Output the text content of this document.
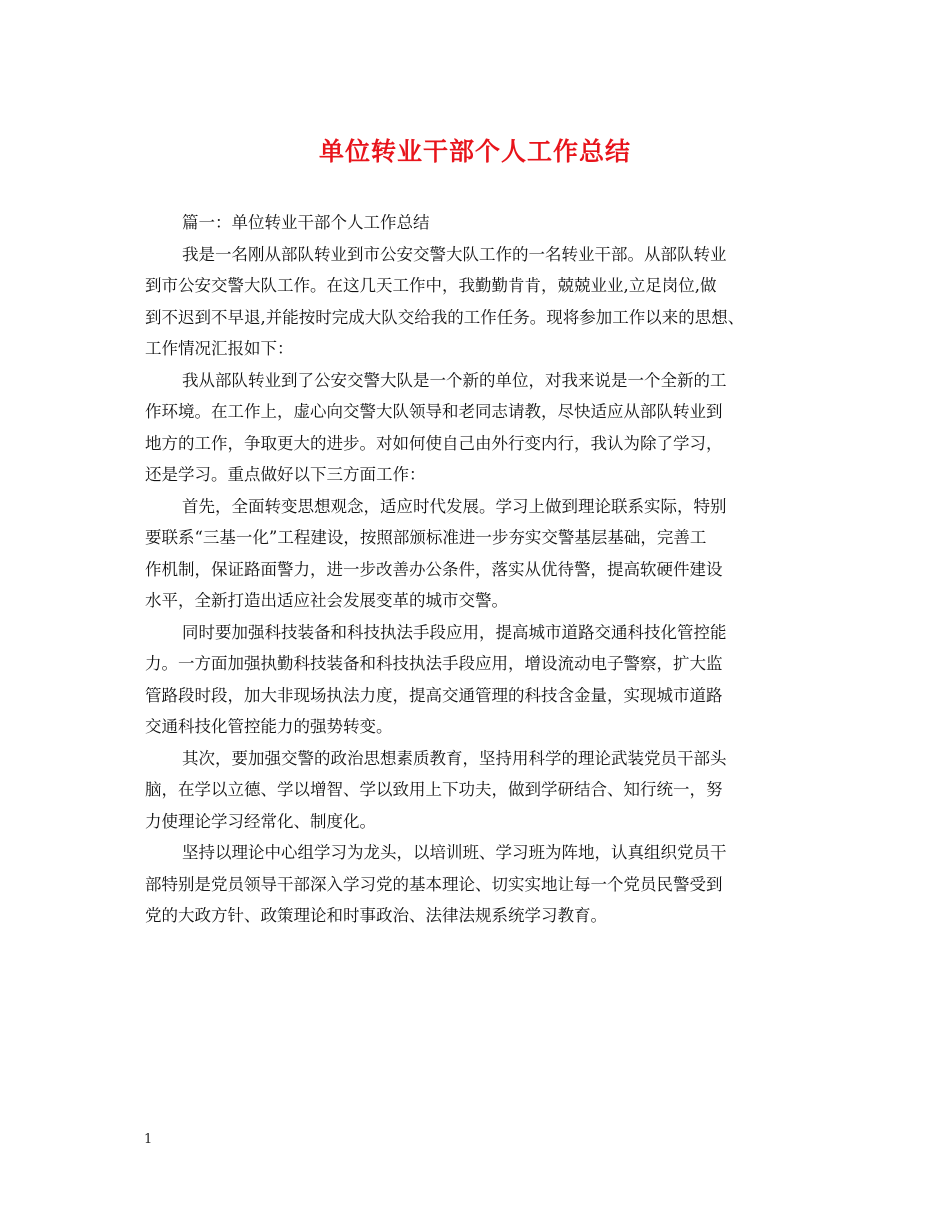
单位转业干部个人工作总结
篇一：单位转业干部个人工作总结
我是一名刚从部队转业到市公安交警大队工作的一名转业干部。从部队转业
到市公安交警大队工作。在这几天工作中，我勤勤肯肯，兢兢业业,立足岗位,做
到不迟到不早退,并能按时完成大队交给我的工作任务。现将参加工作以来的思想、
工作情况汇报如下：
我从部队转业到了公安交警大队是一个新的单位，对我来说是一个全新的工
作环境。在工作上，虚心向交警大队领导和老同志请教，尽快适应从部队转业到
地方的工作，争取更大的进步。对如何使自己由外行变内行，我认为除了学习，
还是学习。重点做好以下三方面工作：
首先，全面转变思想观念，适应时代发展。学习上做到理论联系实际，特别
要联系“三基一化”工程建设，按照部颁标准进一步夯实交警基层基础，完善工
作机制，保证路面警力，进一步改善办公条件，落实从优待警，提高软硬件建设
水平，全新打造出适应社会发展变革的城市交警。
同时要加强科技装备和科技执法手段应用，提高城市道路交通科技化管控能
力。一方面加强执勤科技装备和科技执法手段应用，增设流动电子警察，扩大监
管路段时段，加大非现场执法力度，提高交通管理的科技含金量，实现城市道路
交通科技化管控能力的强势转变。
其次，要加强交警的政治思想素质教育，坚持用科学的理论武装党员干部头
脑，在学以立德、学以增智、学以致用上下功夫，做到学研结合、知行统一，努
力使理论学习经常化、制度化。
坚持以理论中心组学习为龙头，以培训班、学习班为阵地，认真组织党员干
部特别是党员领导干部深入学习党的基本理论、切实实地让每一个党员民警受到
党的大政方针、政策理论和时事政治、法律法规系统学习教育。
1
